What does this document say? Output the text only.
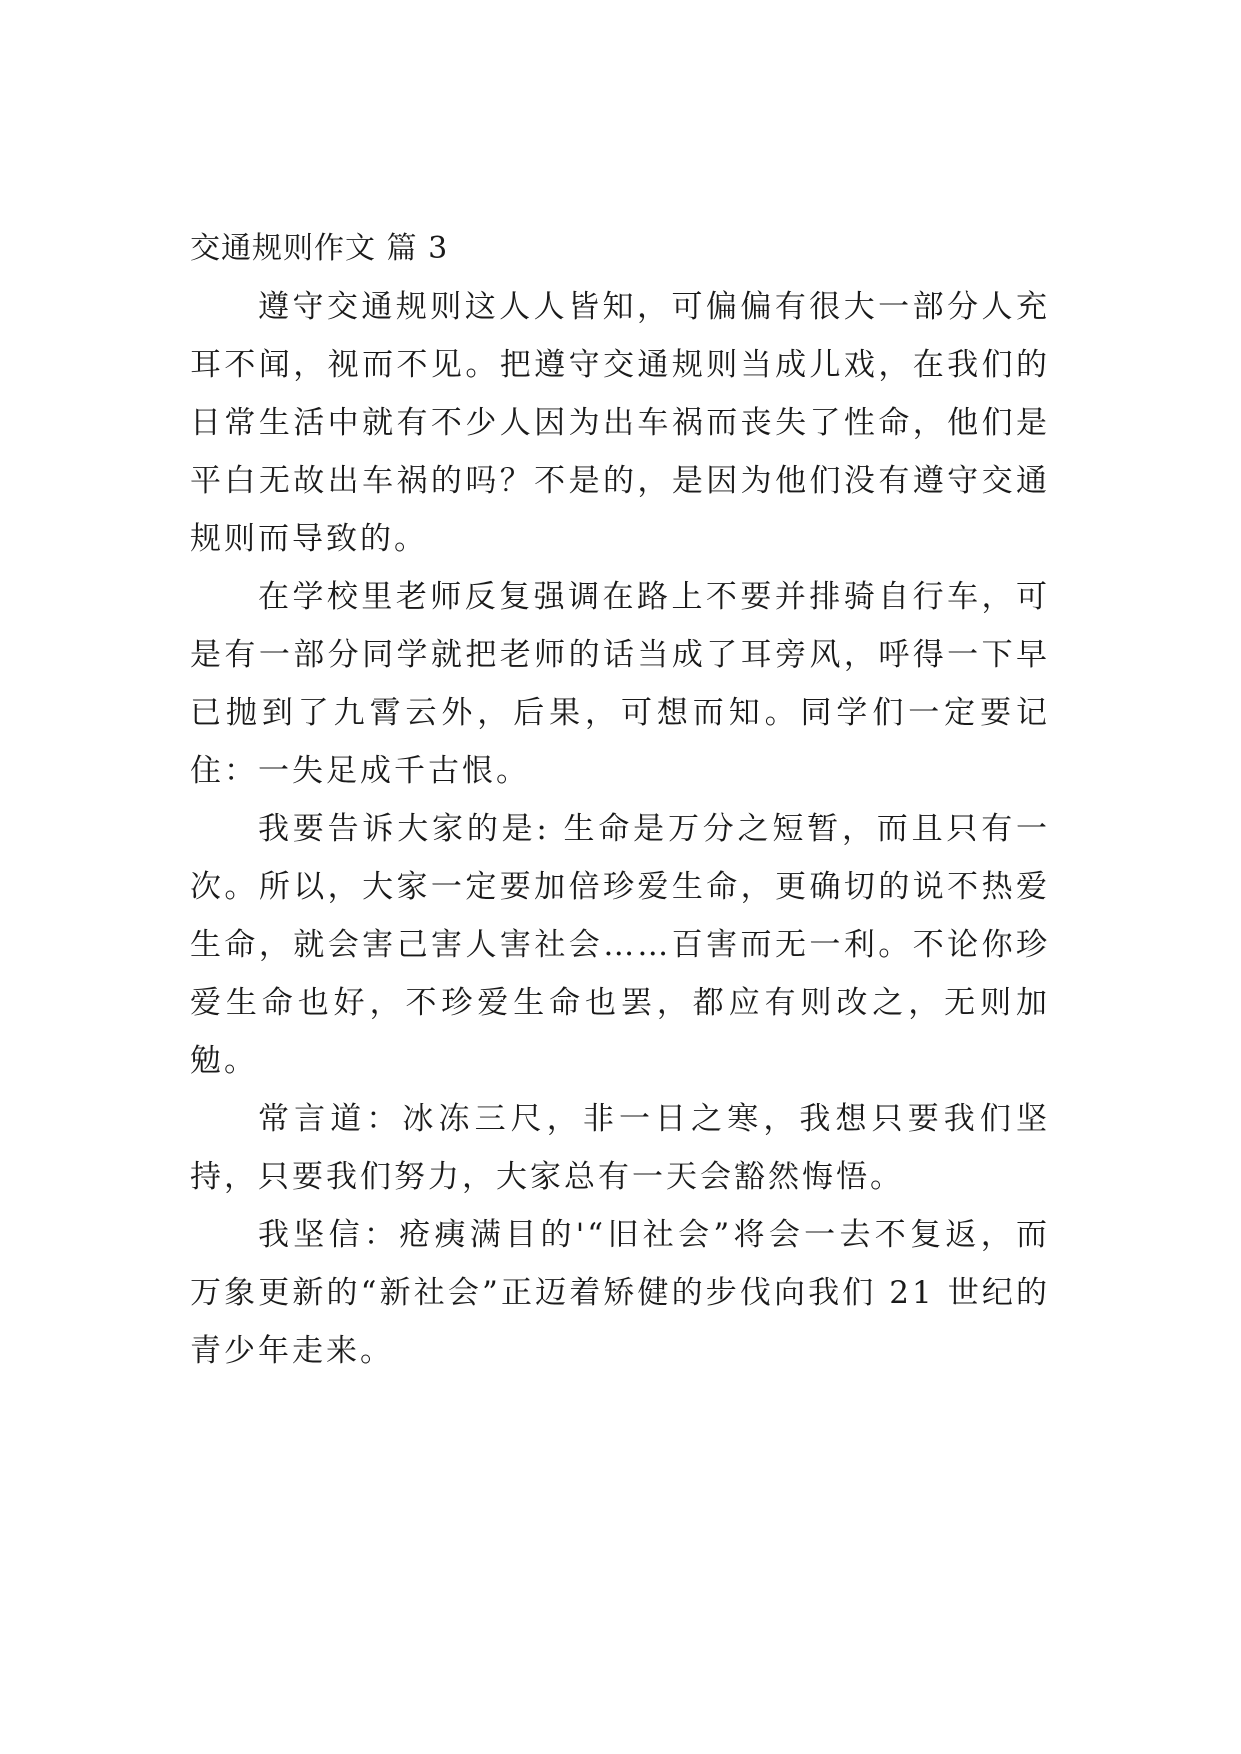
交通规则作文 篇 3

遵守交通规则这人人皆知，可偏偏有很大一部分人充耳不闻，视而不见。把遵守交通规则当成儿戏，在我们的日常生活中就有不少人因为出车祸而丧失了性命，他们是平白无故出车祸的吗？不是的，是因为他们没有遵守交通规则而导致的。

在学校里老师反复强调在路上不要并排骑自行车，可是有一部分同学就把老师的话当成了耳旁风，呼得一下早已抛到了九霄云外，后果，可想而知。同学们一定要记住：一失足成千古恨。

我要告诉大家的是: 生命是万分之短暂，而且只有一次。所以，大家一定要加倍珍爱生命，更确切的说不热爱生命，就会害己害人害社会……百害而无一利。不论你珍爱生命也好，不珍爱生命也罢，都应有则改之，无则加勉。

常言道：冰冻三尺，非一日之寒，我想只要我们坚持，只要我们努力，大家总有一天会豁然悔悟。

我坚信：疮痍满目的'“旧社会”将会一去不复返，而万象更新的“新社会”正迈着矫健的步伐向我们 21 世纪的青少年走来。
